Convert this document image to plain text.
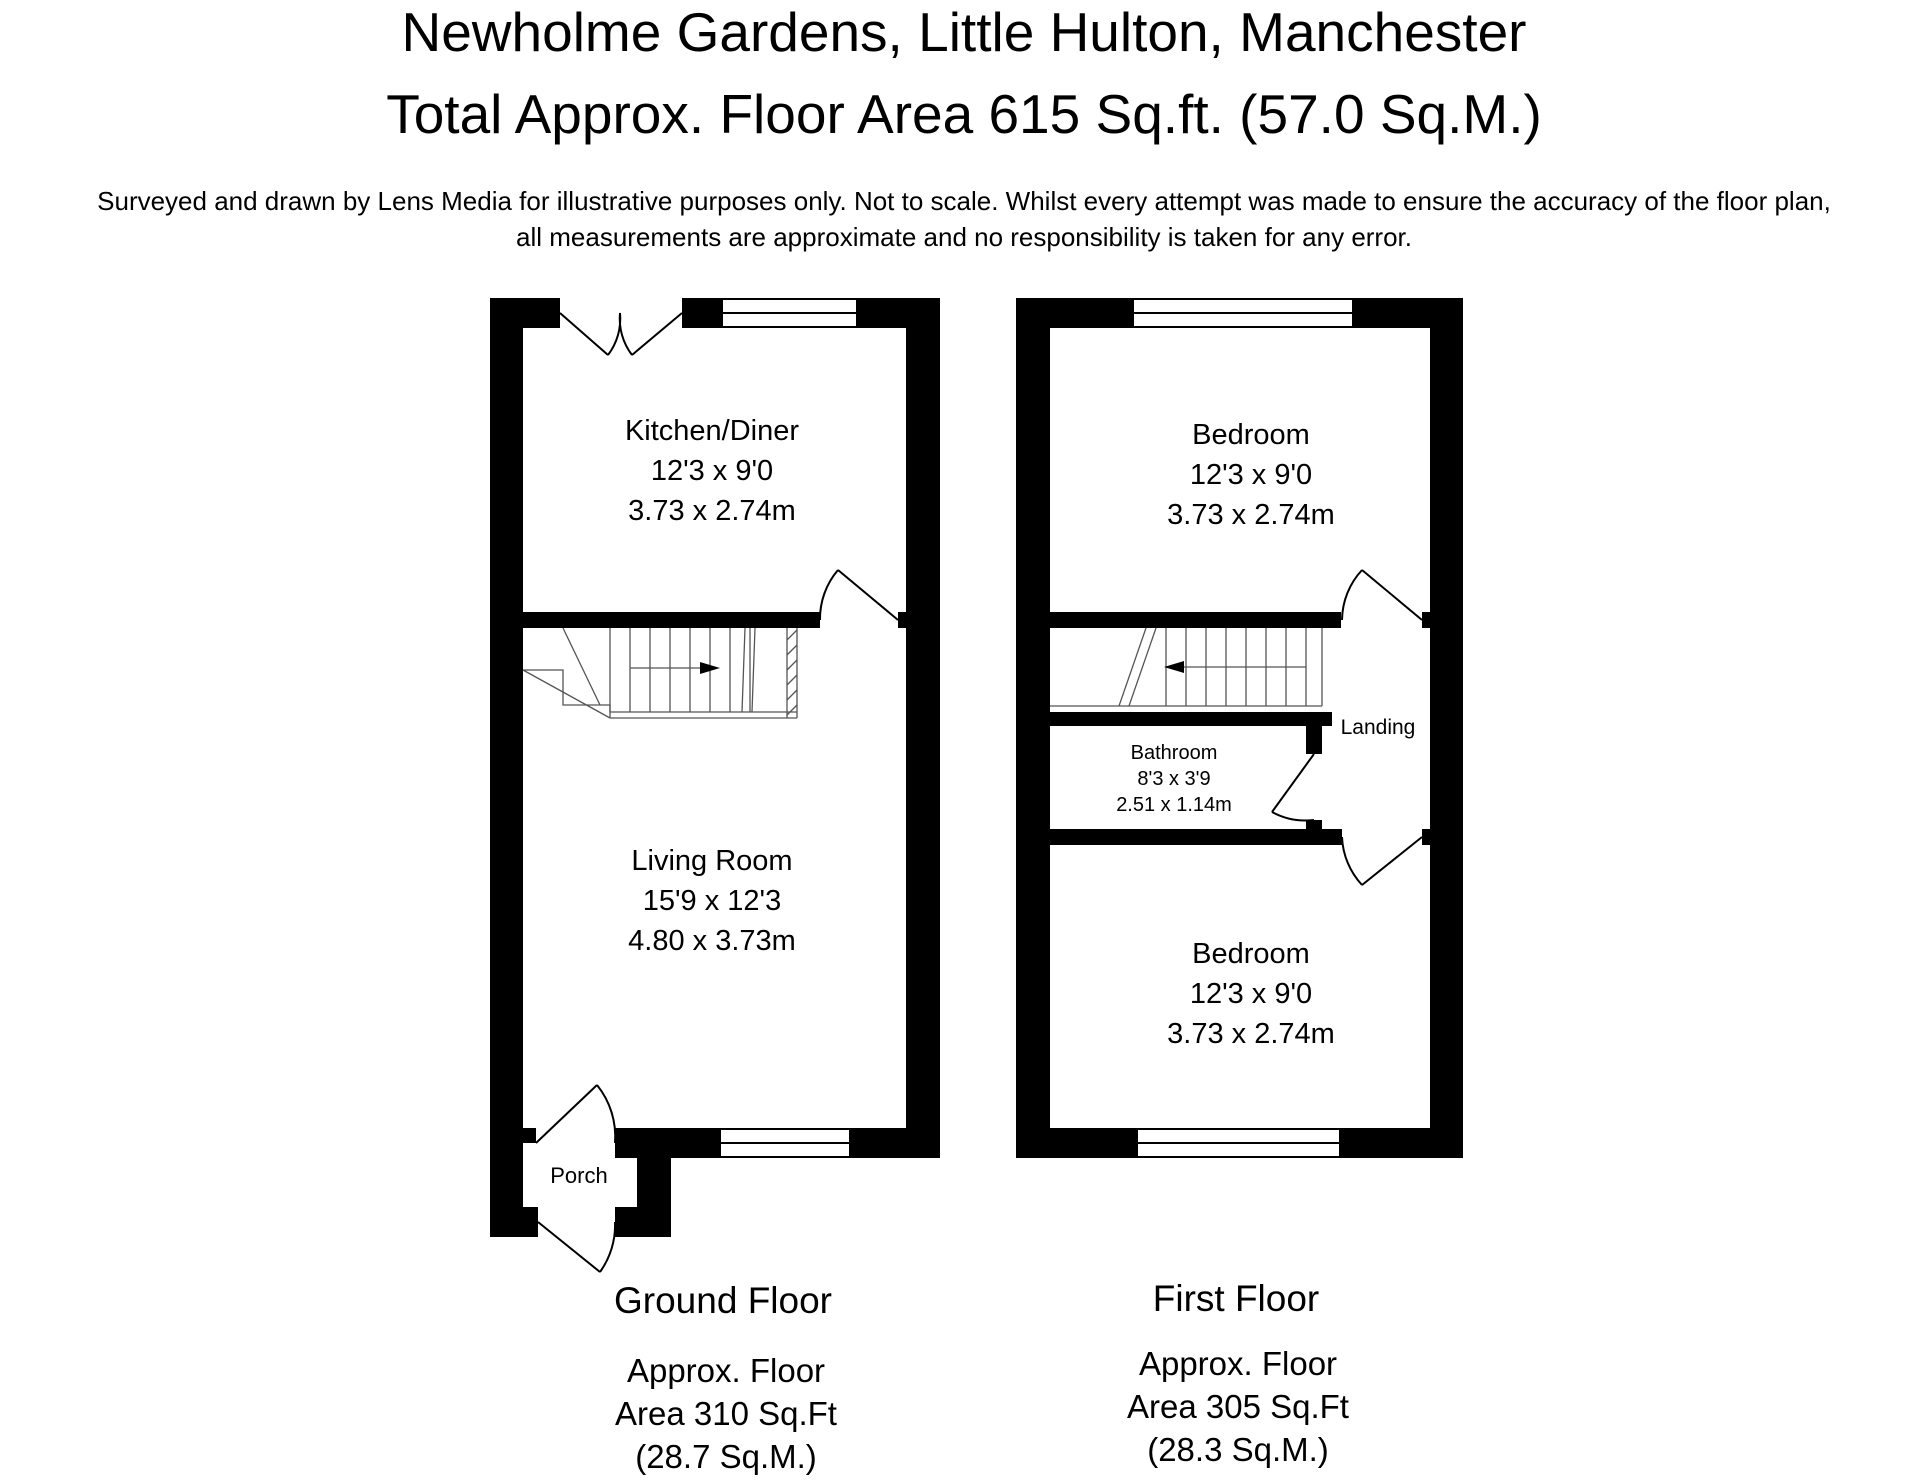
Newholme Gardens, Little Hulton, Manchester
Total Approx. Floor Area 615 Sq.ft. (57.0 Sq.M.)
Surveyed and drawn by Lens Media for illustrative purposes only. Not to scale. Whilst every attempt was made to ensure the accuracy of the floor plan,
all measurements are approximate and no responsibility is taken for any error.
Kitchen/Diner
12'3 x 9'0
3.73 x 2.74m
Living Room
15'9 x 12'3
4.80 x 3.73m
Porch
Ground Floor
Approx. Floor
Area 310 Sq.Ft
(28.7 Sq.M.)
Bedroom
12'3 x 9'0
3.73 x 2.74m
Bathroom
8'3 x 3'9
2.51 x 1.14m
Landing
Bedroom
12'3 x 9'0
3.73 x 2.74m
First Floor
Approx. Floor
Area 305 Sq.Ft
(28.3 Sq.M.)
